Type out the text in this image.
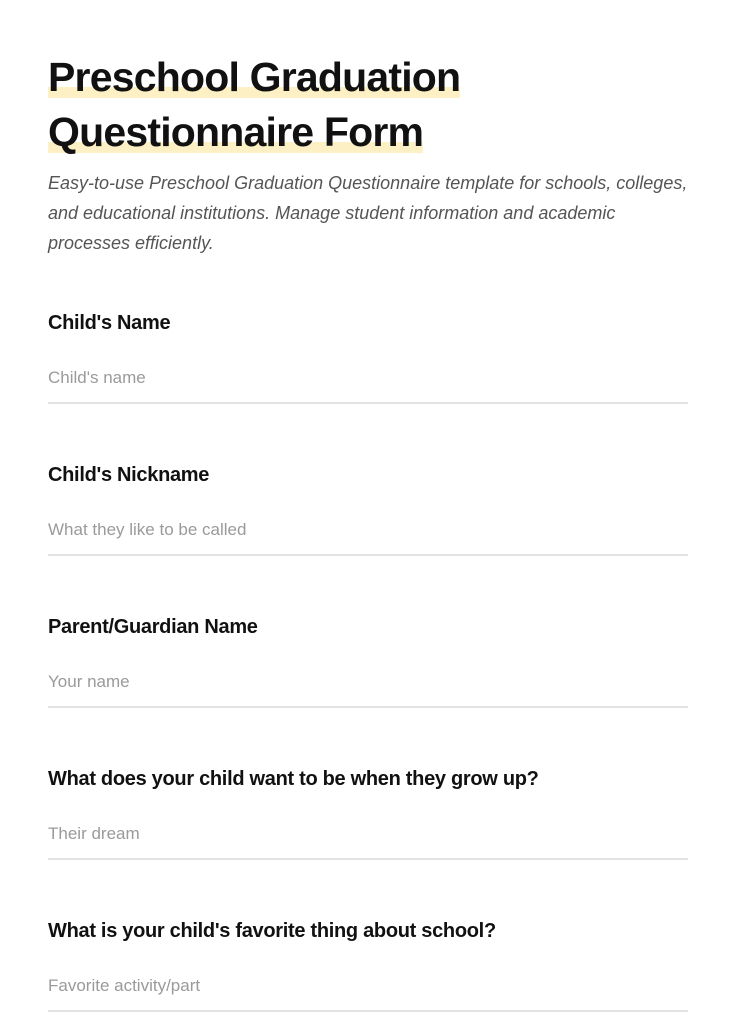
Preschool Graduation
Questionnaire Form

Easy-to-use Preschool Graduation Questionnaire template for schools, colleges, and educational institutions. Manage student information and academic processes efficiently.

Child's Name
Child's name
Child's Nickname
What they like to be called
Parent/Guardian Name
Your name
What does your child want to be when they grow up?
Their dream
What is your child's favorite thing about school?
Favorite activity/part
